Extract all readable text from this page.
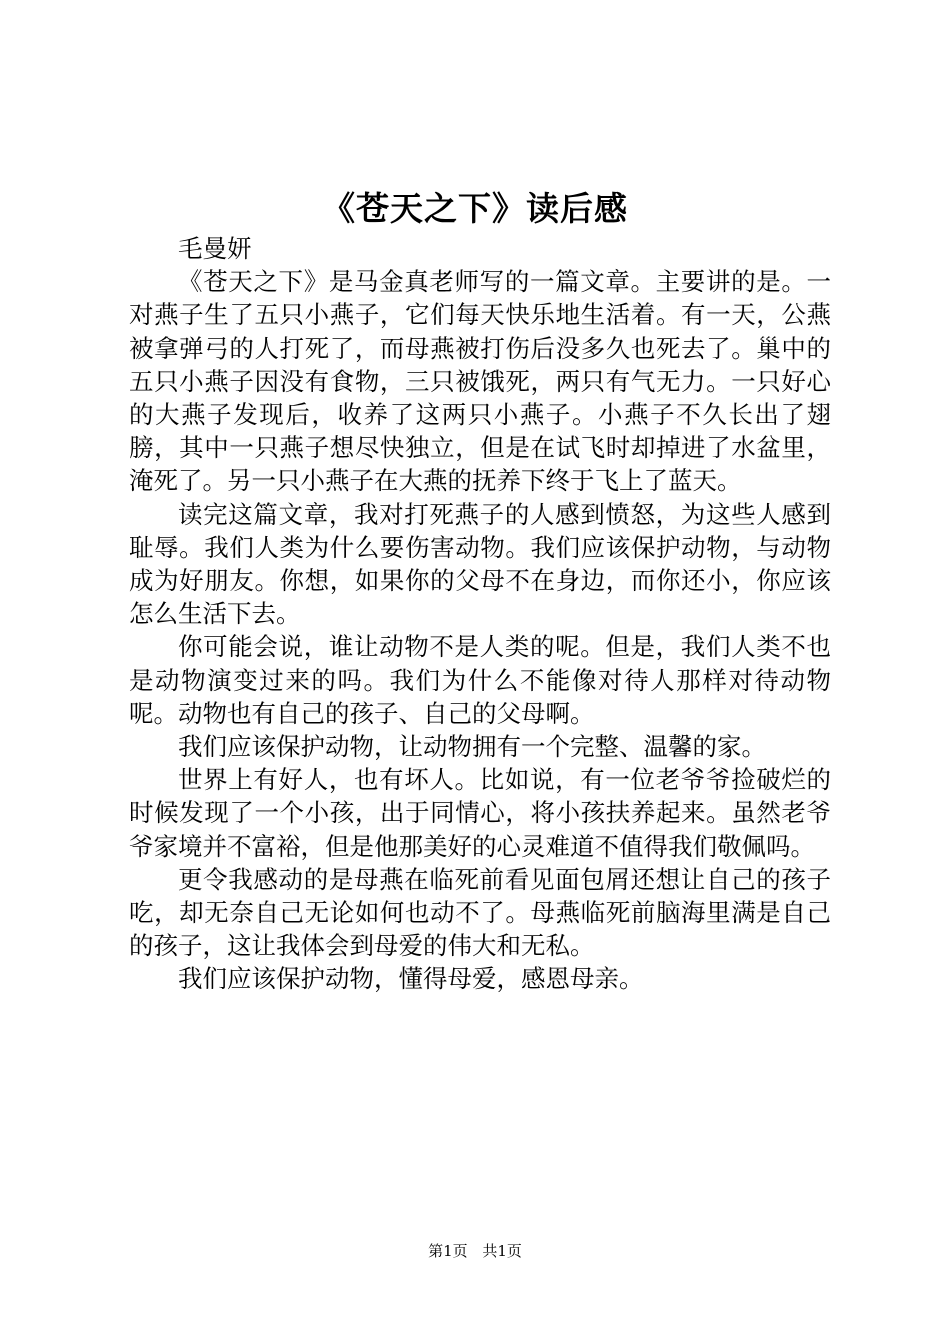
《苍天之下》读后感

毛曼妍

《苍天之下》是马金真老师写的一篇文章。主要讲的是。一对燕子生了五只小燕子，它们每天快乐地生活着。有一天，公燕被拿弹弓的人打死了，而母燕被打伤后没多久也死去了。巢中的五只小燕子因没有食物，三只被饿死，两只有气无力。一只好心的大燕子发现后，收养了这两只小燕子。小燕子不久长出了翅膀，其中一只燕子想尽快独立，但是在试飞时却掉进了水盆里，淹死了。另一只小燕子在大燕的抚养下终于飞上了蓝天。

读完这篇文章，我对打死燕子的人感到愤怒，为这些人感到耻辱。我们人类为什么要伤害动物。我们应该保护动物，与动物成为好朋友。你想，如果你的父母不在身边，而你还小，你应该怎么生活下去。

你可能会说，谁让动物不是人类的呢。但是，我们人类不也是动物演变过来的吗。我们为什么不能像对待人那样对待动物呢。动物也有自己的孩子、自己的父母啊。

我们应该保护动物，让动物拥有一个完整、温馨的家。

世界上有好人，也有坏人。比如说，有一位老爷爷捡破烂的时候发现了一个小孩，出于同情心，将小孩扶养起来。虽然老爷爷家境并不富裕，但是他那美好的心灵难道不值得我们敬佩吗。

更令我感动的是母燕在临死前看见面包屑还想让自己的孩子吃，却无奈自己无论如何也动不了。母燕临死前脑海里满是自己的孩子，这让我体会到母爱的伟大和无私。

我们应该保护动物，懂得母爱，感恩母亲。

第1页 共1页
